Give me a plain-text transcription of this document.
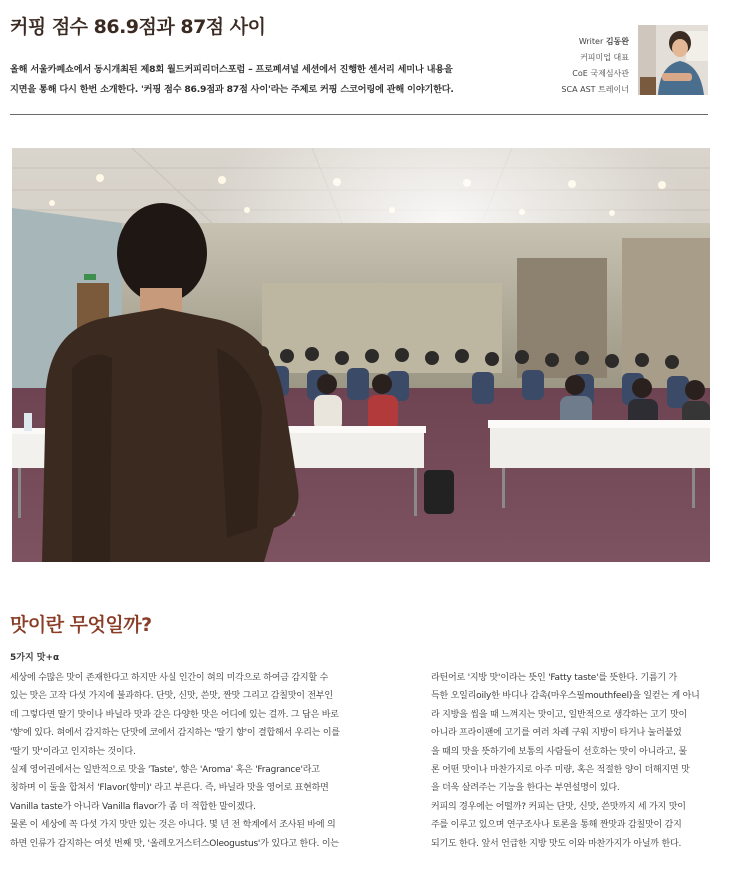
커핑 점수 86.9점과 87점 사이
올해 서울카페쇼에서 동시개최된 제8회 월드커피리더스포럼 – 프로페셔널 세션에서 진행한 센서리 세미나 내용을
지면을 통해 다시 한번 소개한다. '커핑 점수 86.9점과 87점 사이'라는 주제로 커핑 스코어링에 관해 이야기한다.
Writer 김동완
커피미업 대표
CoE 국제심사관
SCA AST 트레이너
맛이란 무엇일까?
5가지 맛+α

세상에 수많은 맛이 존재한다고 하지만 사실 인간이 혀의 미각으로 하여금 감지할 수

있는 맛은 고작 다섯 가지에 불과하다. 단맛, 신맛, 쓴맛, 짠맛 그리고 감칠맛이 전부인

데 그렇다면 딸기 맛이나 바닐라 맛과 같은 다양한 맛은 어디에 있는 걸까. 그 답은 바로

'향'에 있다. 혀에서 감지하는 단맛에 코에서 감지하는 '딸기 향'이 결합해서 우리는 이를

'딸기 맛'이라고 인지하는 것이다.

실제 영어권에서는 일반적으로 맛을 'Taste', 향은 'Aroma' 혹은 'Fragrance'라고

칭하며 이 둘을 합쳐서 'Flavor(향미)' 라고 부른다. 즉, 바닐라 맛을 영어로 표현하면

Vanilla taste가 아니라 Vanilla flavor가 좀 더 적합한 말이겠다.

물론 이 세상에 꼭 다섯 가지 맛만 있는 것은 아니다. 몇 년 전 학계에서 조사된 바에 의

하면 인류가 감지하는 여섯 번째 맛, '올레오거스터스Oleogustus'가 있다고 한다. 이는

라틴어로 '지방 맛'이라는 뜻인 'Fatty taste'를 뜻한다. 기름기 가

득한 오일리oily한 바디나 감촉(마우스필mouthfeel)을 일컫는 게 아니

라 지방을 씹을 때 느껴지는 맛이고, 일반적으로 생각하는 고기 맛이

아니라 프라이팬에 고기를 여러 차례 구워 지방이 타거나 눌러붙었

을 때의 맛을 뜻하기에 보통의 사람들이 선호하는 맛이 아니라고, 물

론 어떤 맛이나 마찬가지로 아주 미량, 혹은 적절한 양이 더해지면 맛

을 더욱 살려주는 기능을 한다는 부연설명이 있다.

커피의 경우에는 어떨까? 커피는 단맛, 신맛, 쓴맛까지 세 가지 맛이

주를 이루고 있으며 연구조사나 토론을 통해 짠맛과 감칠맛이 감지

되기도 한다. 앞서 언급한 지방 맛도 이와 마찬가지가 아닐까 한다.
